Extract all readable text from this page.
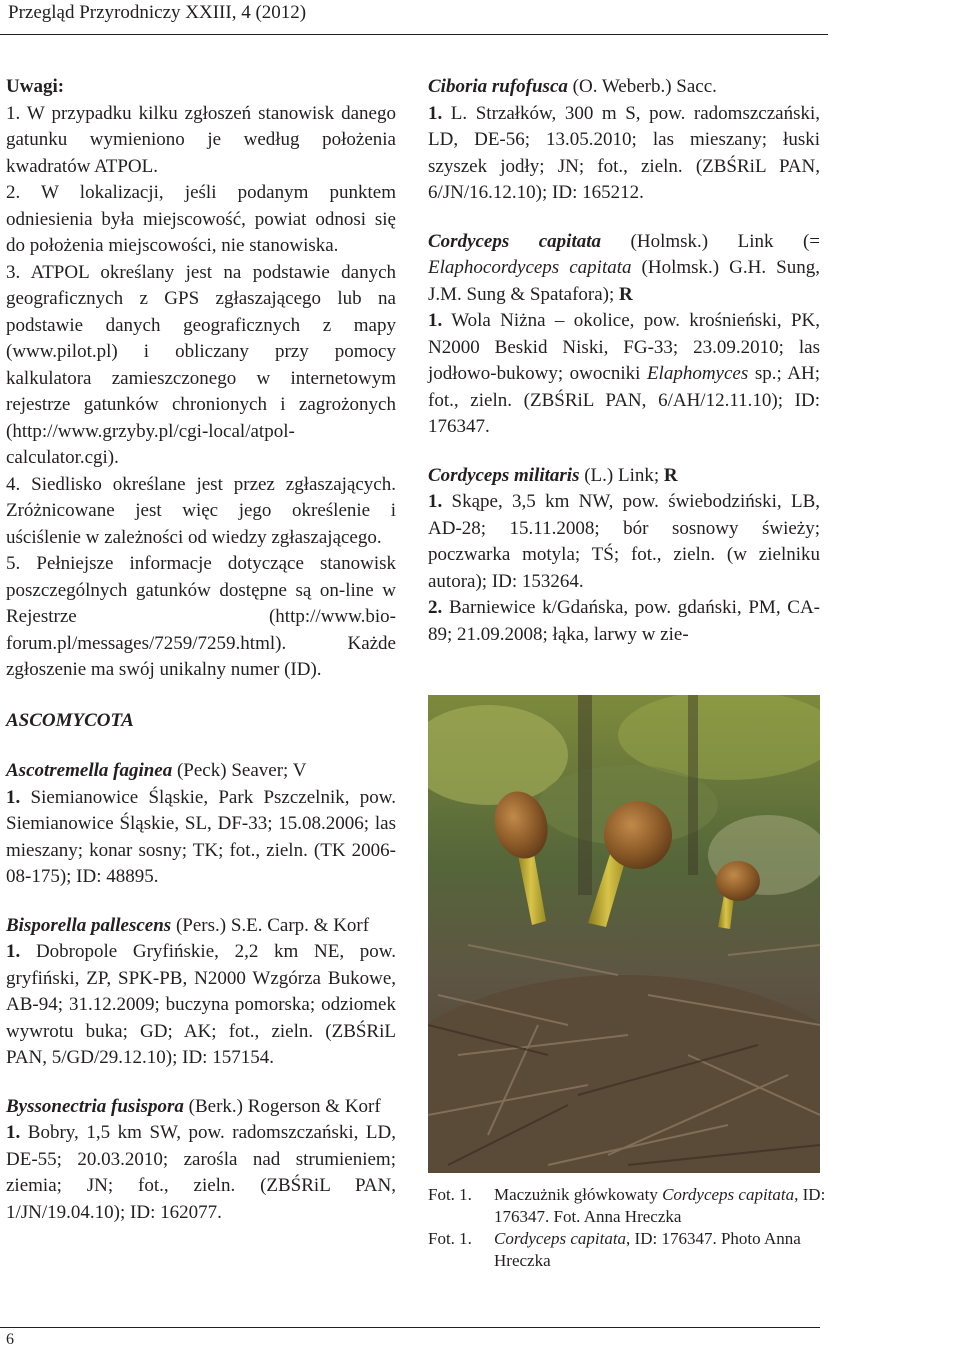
Przegląd Przyrodniczy XXIII, 4 (2012)

Uwagi:

1. W przypadku kilku zgłoszeń stanowisk danego gatunku wymieniono je według położenia kwadratów ATPOL.

2. W lokalizacji, jeśli podanym punktem odniesienia była miejscowość, powiat odnosi się do położenia miejscowości, nie stanowiska.

3. ATPOL określany jest na podstawie danych geograficznych z GPS zgłaszającego lub na podstawie danych geograficznych z mapy (www.pilot.pl) i obliczany przy pomocy kalkulatora zamieszczonego w internetowym rejestrze gatunków chronionych i zagrożonych (http://www.grzyby.pl/cgi-local/atpol-calculator.cgi).

4. Siedlisko określane jest przez zgłaszających. Zróżnicowane jest więc jego określenie i uściślenie w zależności od wiedzy zgłaszającego.

5. Pełniejsze informacje dotyczące stanowisk poszczególnych gatunków dostępne są on-line w Rejestrze (http://www.bio-forum.pl/messages/7259/7259.html). Każde zgłoszenie ma swój unikalny numer (ID).

ASCOMYCOTA

Ascotremella faginea (Peck) Seaver; V

1. Siemianowice Śląskie, Park Pszczelnik, pow. Siemianowice Śląskie, SL, DF-33; 15.08.2006; las mieszany; konar sosny; TK; fot., zieln. (TK 2006-08-175); ID: 48895.

Bisporella pallescens (Pers.) S.E. Carp. & Korf

1. Dobropole Gryfińskie, 2,2 km NE, pow. gryfiński, ZP, SPK-PB, N2000 Wzgórza Bukowe, AB-94; 31.12.2009; buczyna pomorska; odziomek wywrotu buka; GD; AK; fot., zieln. (ZBŚRiL PAN, 5/GD/29.12.10); ID: 157154.

Byssonectria fusispora (Berk.) Rogerson & Korf

1. Bobry, 1,5 km SW, pow. radomszczański, LD, DE-55; 20.03.2010; zarośla nad strumieniem; ziemia; JN; fot., zieln. (ZBŚRiL PAN, 1/JN/19.04.10); ID: 162077.

Ciboria rufofusca (O. Weberb.) Sacc.

1. L. Strzałków, 300 m S, pow. radomszczański, LD, DE-56; 13.05.2010; las mieszany; łuski szyszek jodły; JN; fot., zieln. (ZBŚRiL PAN, 6/JN/16.12.10); ID: 165212.

Cordyceps capitata (Holmsk.) Link (= Elaphocordyceps capitata (Holmsk.) G.H. Sung, J.M. Sung & Spatafora); R

1. Wola Niżna – okolice, pow. krośnieński, PK, N2000 Beskid Niski, FG-33; 23.09.2010; las jodłowo-bukowy; owocniki Elaphomyces sp.; AH; fot., zieln. (ZBŚRiL PAN, 6/AH/12.11.10); ID: 176347.

Cordyceps militaris (L.) Link; R

1. Skąpe, 3,5 km NW, pow. świebodziński, LB, AD-28; 15.11.2008; bór sosnowy świeży; poczwarka motyla; TŚ; fot., zieln. (w zielniku autora); ID: 153264.

2. Barniewice k/Gdańska, pow. gdański, PM, CA-89; 21.09.2008; łąka, larwy w zie-

Fot. 1. Maczużnik główkowaty Cordyceps capitata, ID: 176347. Fot. Anna Hreczka
Fot. 1. Cordyceps capitata, ID: 176347. Photo Anna Hreczka
6
